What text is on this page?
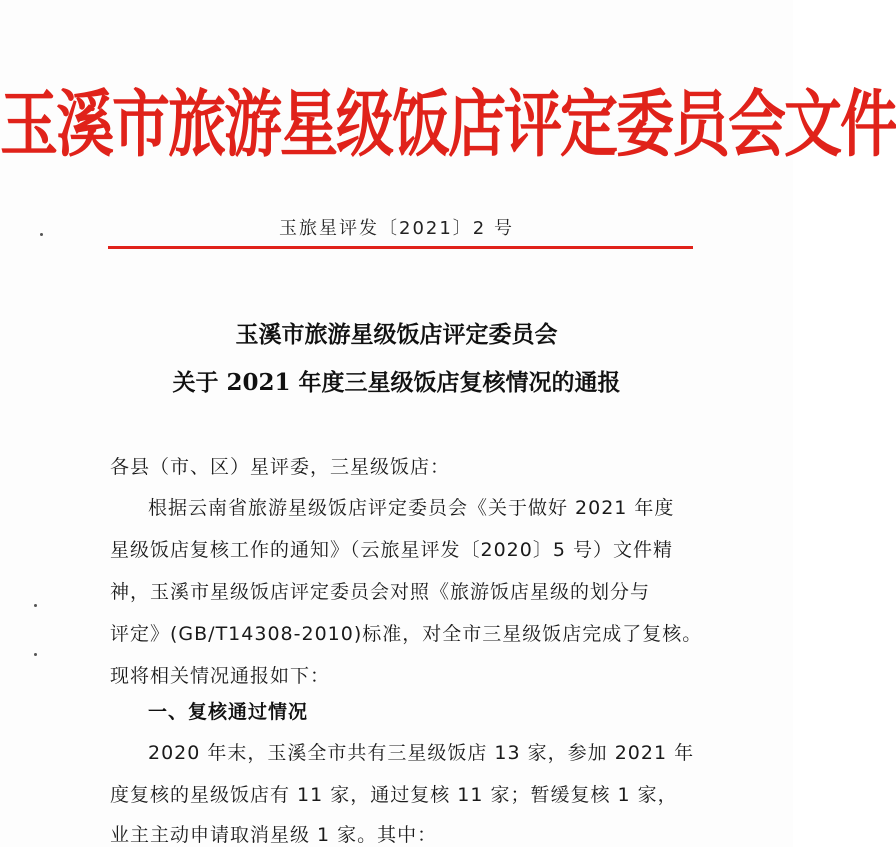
玉溪市旅游星级饭店评定委员会文件
玉旅星评发〔2021〕2 号
玉溪市旅游星级饭店评定委员会
关于 2021 年度三星级饭店复核情况的通报
各县（市、区）星评委，三星级饭店：
根据云南省旅游星级饭店评定委员会《关于做好 2021 年度
星级饭店复核工作的通知》（云旅星评发〔2020〕5 号）文件精
神，玉溪市星级饭店评定委员会对照《旅游饭店星级的划分与
评定》(GB/T14308-2010)标准，对全市三星级饭店完成了复核。
现将相关情况通报如下：
一、复核通过情况
2020 年末，玉溪全市共有三星级饭店 13 家，参加 2021 年
度复核的星级饭店有 11 家，通过复核 11 家；暂缓复核 1 家，
业主主动申请取消星级 1 家。其中：
